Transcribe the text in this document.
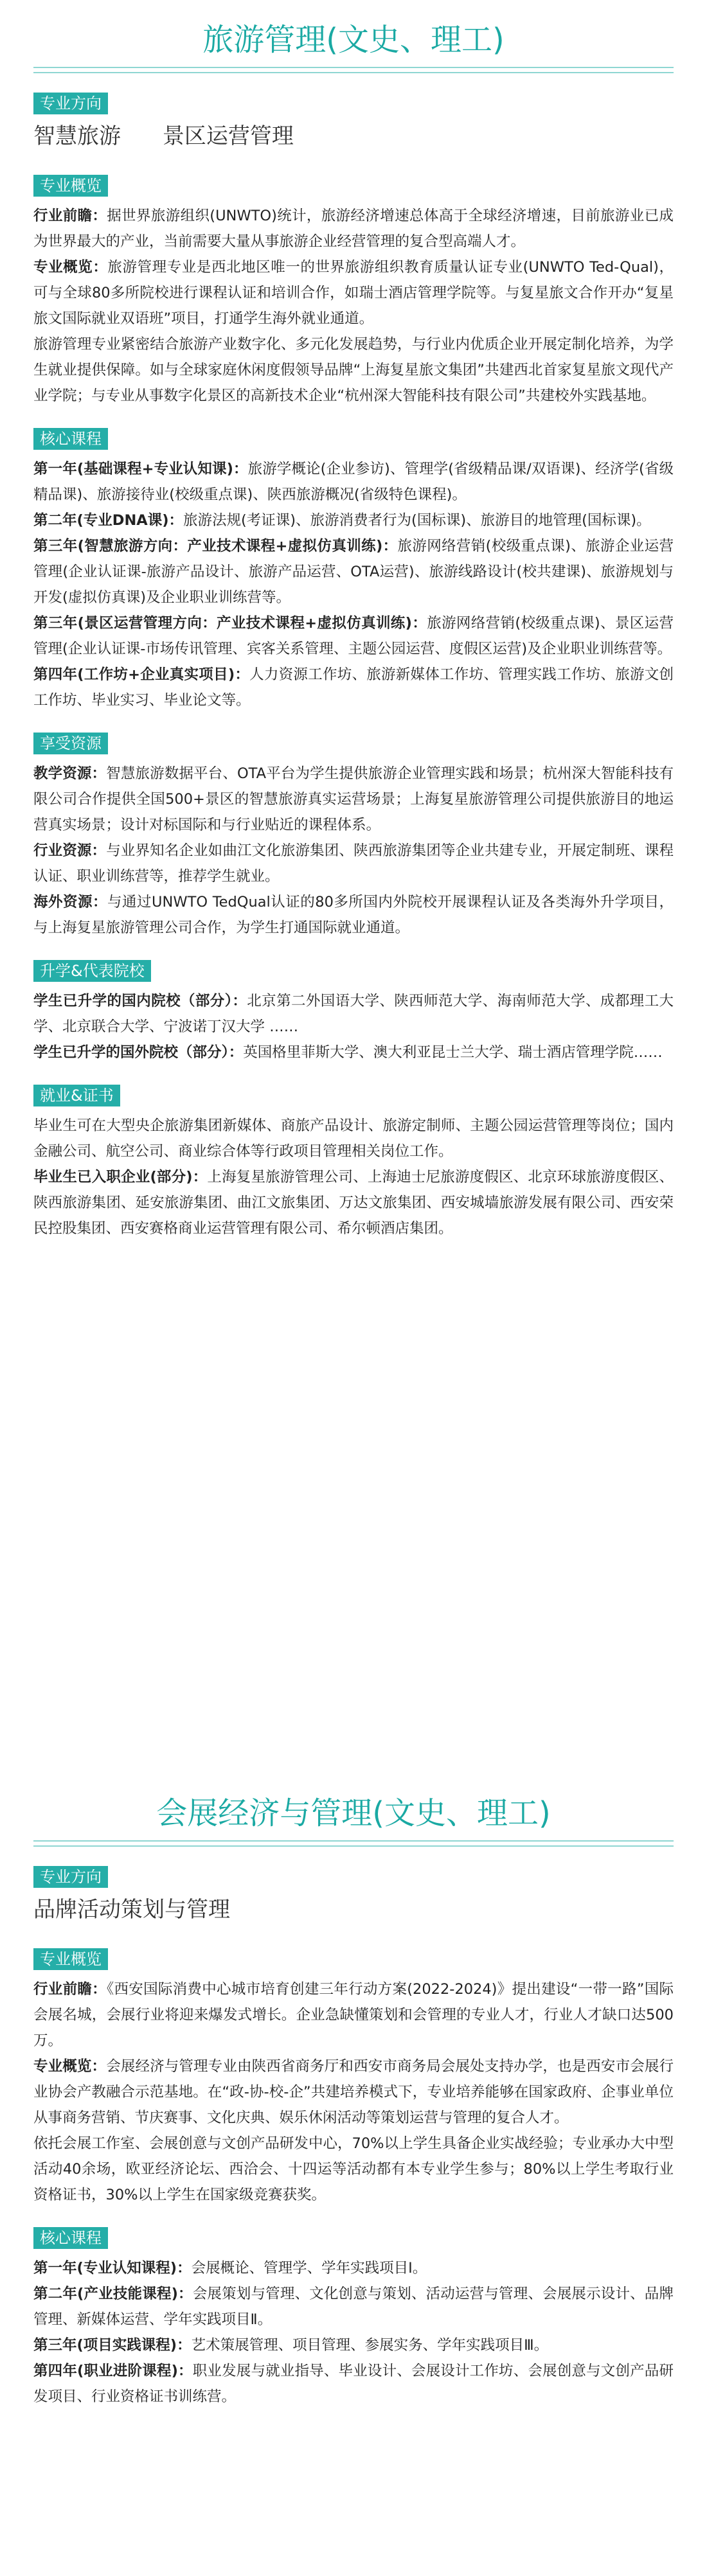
旅游管理(文史、理工)
专业方向
智慧旅游      景区运营管理
专业概览

行业前瞻：据世界旅游组织(UNWTO)统计，旅游经济增速总体高于全球经济增速，目前旅游业已成为世界最大的产业，当前需要大量从事旅游企业经营管理的复合型高端人才。

专业概览：旅游管理专业是西北地区唯一的世界旅游组织教育质量认证专业(UNWTO Ted-Qual)，可与全球80多所院校进行课程认证和培训合作，如瑞士酒店管理学院等。与复星旅文合作开办“复星旅文国际就业双语班”项目，打通学生海外就业通道。

旅游管理专业紧密结合旅游产业数字化、多元化发展趋势，与行业内优质企业开展定制化培养，为学生就业提供保障。如与全球家庭休闲度假领导品牌“上海复星旅文集团”共建西北首家复星旅文现代产业学院；与专业从事数字化景区的高新技术企业“杭州深大智能科技有限公司”共建校外实践基地。

核心课程

第一年(基础课程+专业认知课)：旅游学概论(企业参访)、管理学(省级精品课/双语课)、经济学(省级精品课)、旅游接待业(校级重点课)、陕西旅游概况(省级特色课程)。

第二年(专业DNA课)：旅游法规(考证课)、旅游消费者行为(国标课)、旅游目的地管理(国标课)。

第三年(智慧旅游方向：产业技术课程+虚拟仿真训练)：旅游网络营销(校级重点课)、旅游企业运营管理(企业认证课-旅游产品设计、旅游产品运营、OTA运营)、旅游线路设计(校共建课)、旅游规划与开发(虚拟仿真课)及企业职业训练营等。

第三年(景区运营管理方向：产业技术课程+虚拟仿真训练)：旅游网络营销(校级重点课)、景区运营管理(企业认证课-市场传讯管理、宾客关系管理、主题公园运营、度假区运营)及企业职业训练营等。

第四年(工作坊+企业真实项目)：人力资源工作坊、旅游新媒体工作坊、管理实践工作坊、旅游文创工作坊、毕业实习、毕业论文等。

享受资源

教学资源：智慧旅游数据平台、OTA平台为学生提供旅游企业管理实践和场景；杭州深大智能科技有限公司合作提供全国500+景区的智慧旅游真实运营场景；上海复星旅游管理公司提供旅游目的地运营真实场景；设计对标国际和与行业贴近的课程体系。

行业资源：与业界知名企业如曲江文化旅游集团、陕西旅游集团等企业共建专业，开展定制班、课程认证、职业训练营等，推荐学生就业。

海外资源：与通过UNWTO TedQual认证的80多所国内外院校开展课程认证及各类海外升学项目，与上海复星旅游管理公司合作，为学生打通国际就业通道。

升学&代表院校

学生已升学的国内院校（部分）：北京第二外国语大学、陕西师范大学、海南师范大学、成都理工大学、北京联合大学、宁波诺丁汉大学 ……

学生已升学的国外院校（部分）：英国格里菲斯大学、澳大利亚昆士兰大学、瑞士酒店管理学院……

就业&证书

毕业生可在大型央企旅游集团新媒体、商旅产品设计、旅游定制师、主题公园运营管理等岗位；国内金融公司、航空公司、商业综合体等行政项目管理相关岗位工作。

毕业生已入职企业(部分)：上海复星旅游管理公司、上海迪士尼旅游度假区、北京环球旅游度假区、陕西旅游集团、延安旅游集团、曲江文旅集团、万达文旅集团、西安城墙旅游发展有限公司、西安荣民控股集团、西安赛格商业运营管理有限公司、希尔顿酒店集团。

会展经济与管理(文史、理工)
专业方向
品牌活动策划与管理
专业概览

行业前瞻：《西安国际消费中心城市培育创建三年行动方案(2022-2024)》提出建设“一带一路”国际会展名城，会展行业将迎来爆发式增长。企业急缺懂策划和会管理的专业人才，行业人才缺口达500万。

专业概览：会展经济与管理专业由陕西省商务厅和西安市商务局会展处支持办学，也是西安市会展行业协会产教融合示范基地。在“政-协-校-企”共建培养模式下，专业培养能够在国家政府、企事业单位从事商务营销、节庆赛事、文化庆典、娱乐休闲活动等策划运营与管理的复合人才。

依托会展工作室、会展创意与文创产品研发中心，70%以上学生具备企业实战经验；专业承办大中型活动40余场，欧亚经济论坛、西洽会、十四运等活动都有本专业学生参与；80%以上学生考取行业资格证书，30%以上学生在国家级竞赛获奖。

核心课程

第一年(专业认知课程)：会展概论、管理学、学年实践项目Ⅰ。

第二年(产业技能课程)：会展策划与管理、文化创意与策划、活动运营与管理、会展展示设计、品牌管理、新媒体运营、学年实践项目Ⅱ。

第三年(项目实践课程)：艺术策展管理、项目管理、参展实务、学年实践项目Ⅲ。

第四年(职业进阶课程)：职业发展与就业指导、毕业设计、会展设计工作坊、会展创意与文创产品研发项目、行业资格证书训练营。
